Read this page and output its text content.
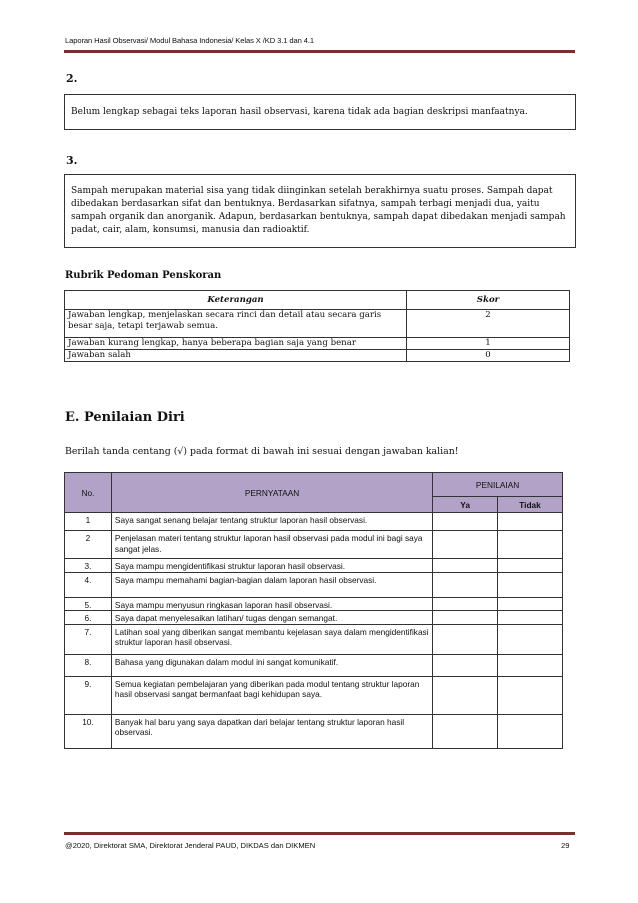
Laporan Hasil Observasi/ Modul Bahasa Indonesia/ Kelas X /KD 3.1 dan 4.1
2.
Belum lengkap sebagai teks laporan hasil observasi, karena tidak ada bagian deskripsi manfaatnya.
3.
Sampah merupakan material sisa yang tidak diinginkan setelah berakhirnya suatu proses. Sampah dapat dibedakan berdasarkan sifat dan bentuknya. Berdasarkan sifatnya, sampah terbagi menjadi dua, yaitu sampah organik dan anorganik. Adapun, berdasarkan bentuknya, sampah dapat dibedakan menjadi sampah padat, cair, alam, konsumsi, manusia dan radioaktif.
Rubrik Pedoman Penskoran
Keterangan	Skor
Jawaban lengkap, menjelaskan secara rinci dan detail atau secara garis besar saja, tetapi terjawab semua.	2
Jawaban kurang lengkap, hanya beberapa bagian saja yang benar	1
Jawaban salah	0
E. Penilaian Diri
Berilah tanda centang (√) pada format di bawah ini sesuai dengan jawaban kalian!
No.	PERNYATAAN	PENILAIAN	
		Ya	Tidak
1	Saya sangat senang belajar tentang struktur laporan hasil observasi.		
2	Penjelasan materi tentang struktur laporan hasil observasi pada modul ini bagi saya sangat jelas.		
3.	Saya mampu mengidentifikasi struktur laporan hasil observasi.		
4.	Saya mampu memahami bagian-bagian dalam laporan hasil observasi.		
5.	Saya mampu menyusun ringkasan laporan hasil observasi.		
6.	Saya dapat menyelesaikan latihan/ tugas dengan semangat.		
7.	Latihan soal yang diberikan sangat membantu kejelasan saya dalam mengidentifikasi struktur laporan hasil observasi.		
8.	Bahasa yang digunakan dalam modul ini sangat komunikatif.		
9.	Semua kegiatan pembelajaran yang diberikan pada modul tentang struktur laporan hasil observasi sangat bermanfaat bagi kehidupan saya.		
10.	Banyak hal baru yang saya dapatkan dari belajar tentang struktur laporan hasil observasi.		
@2020, Direktorat SMA, Direktorat Jenderal PAUD, DIKDAS dan DIKMEN	29
